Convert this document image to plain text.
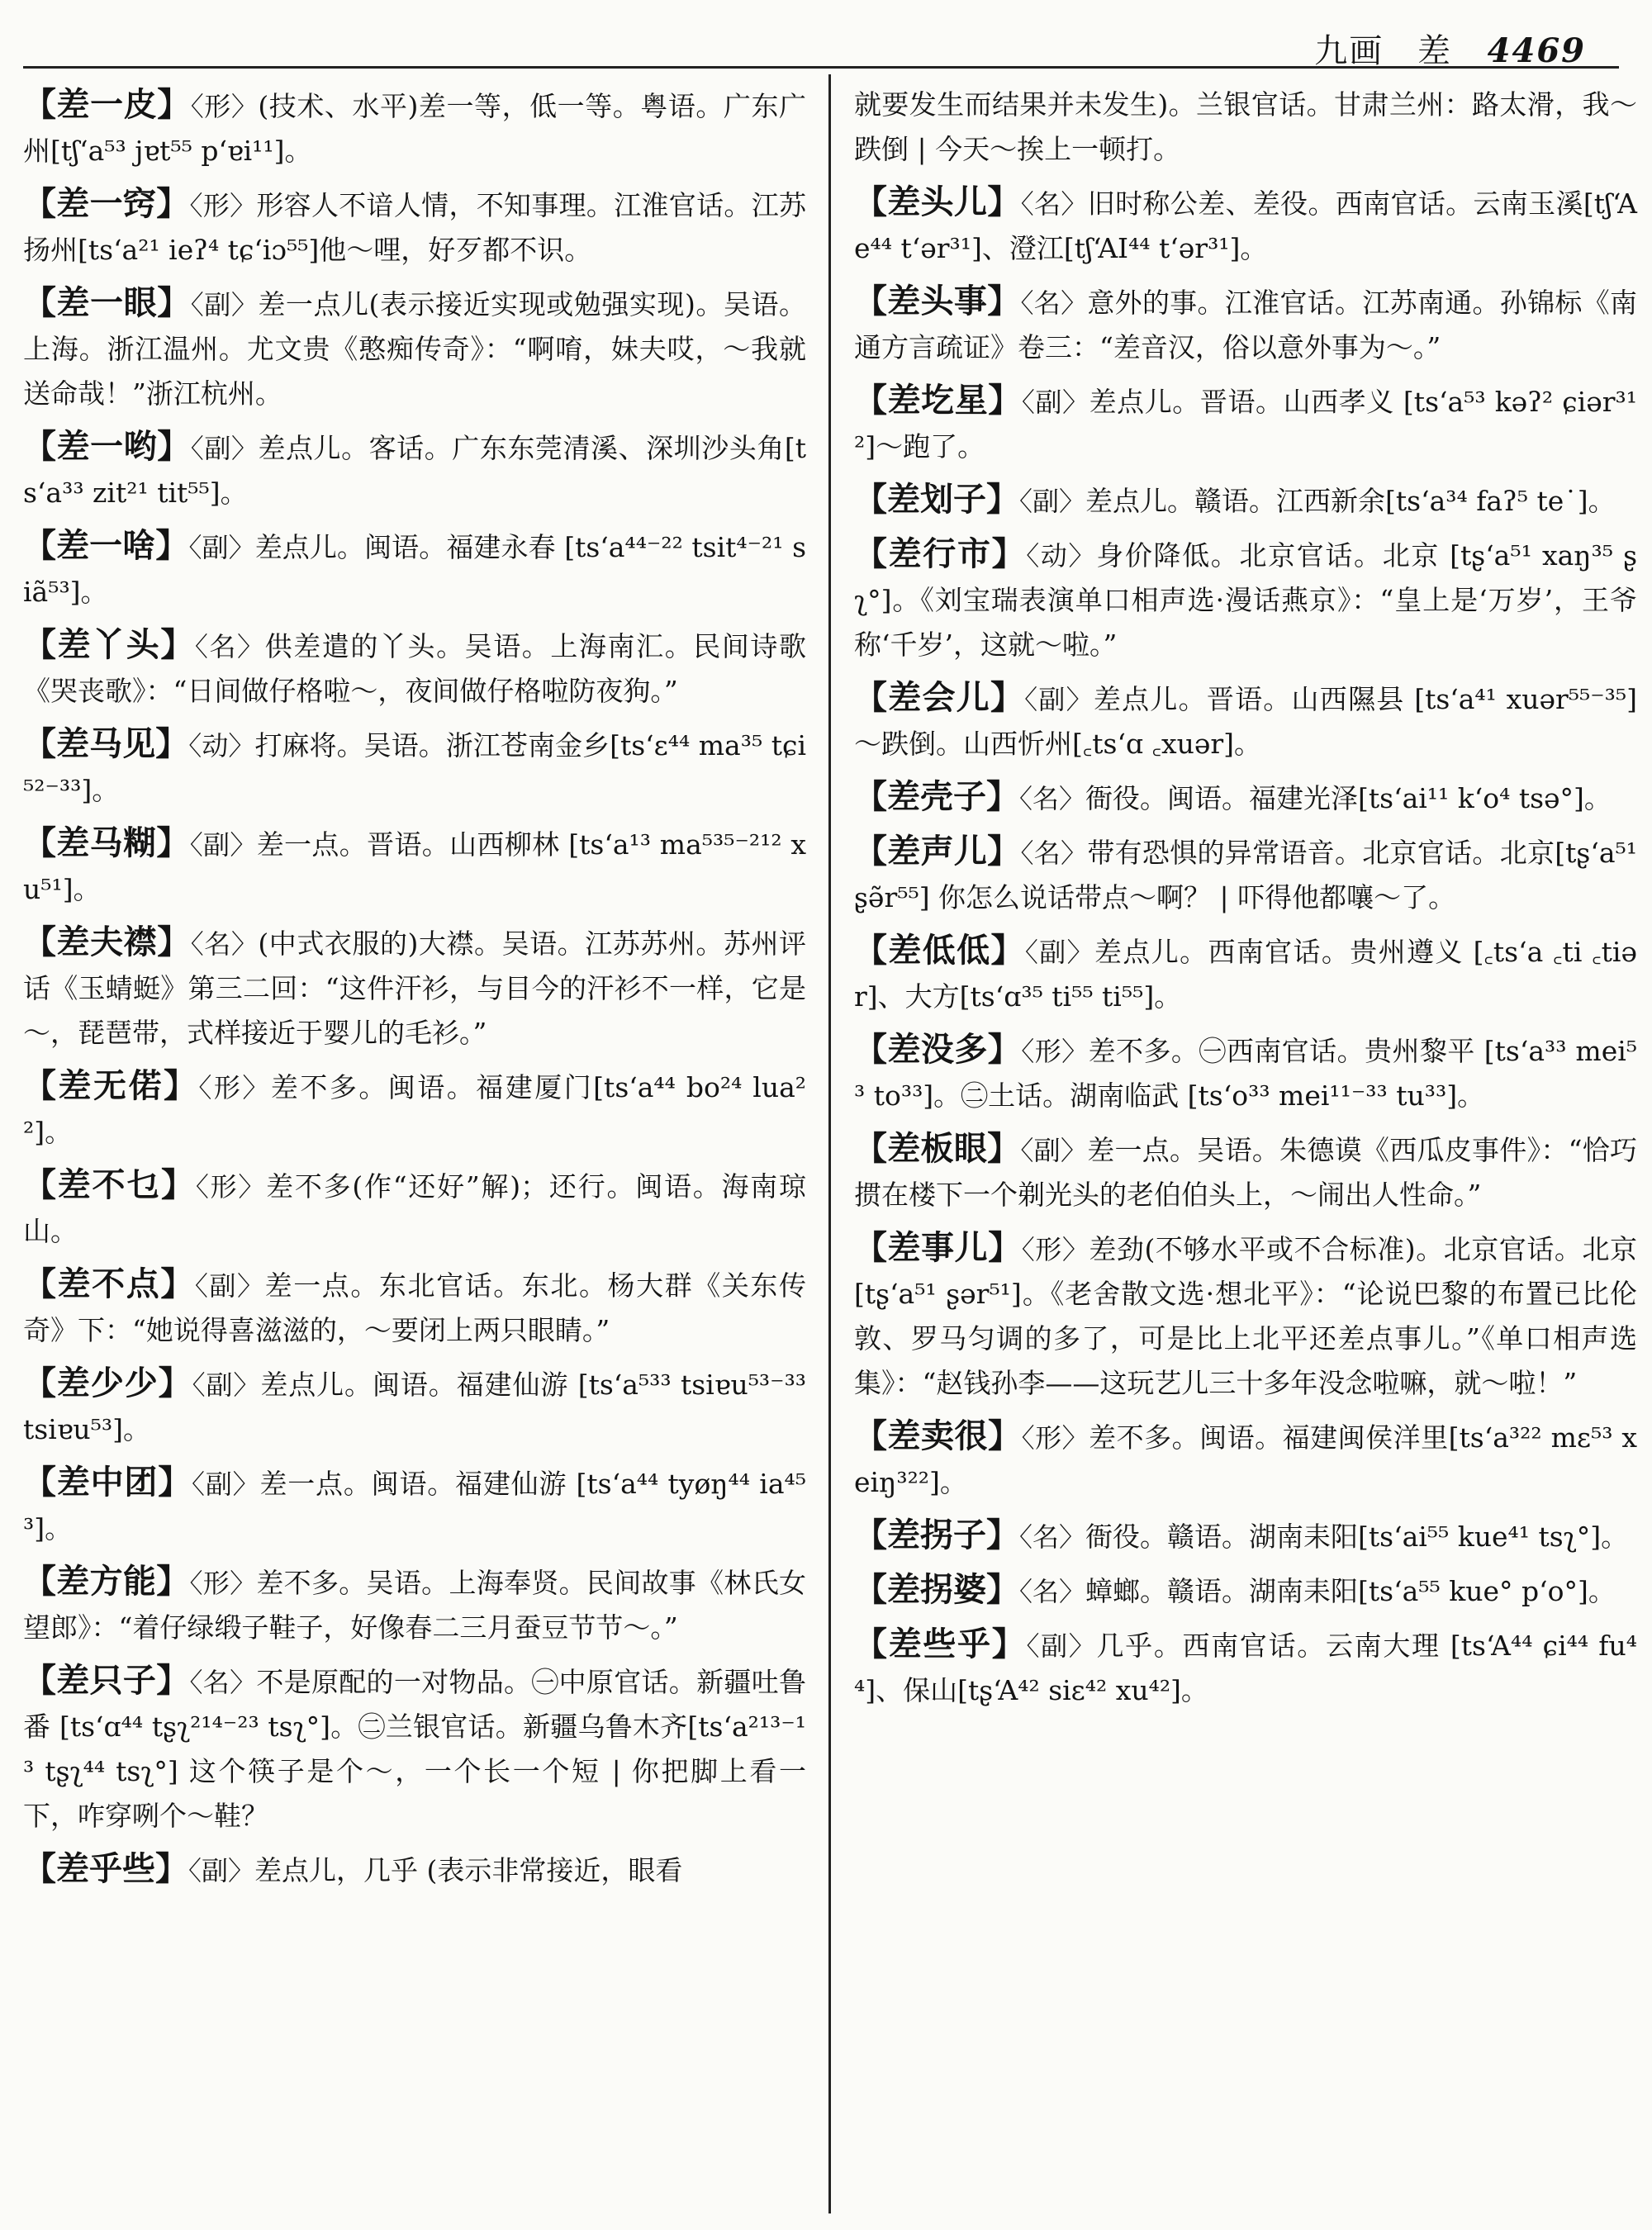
九画 差 4469
【差一皮】〈形〉(技术、水平)差一等，低一等。粤语。广东广州[tʃ‘a⁵³ jɐt⁵⁵ p‘ɐi¹¹]。
【差一窍】〈形〉形容人不谙人情，不知事理。江淮官话。江苏扬州[ts‘a²¹ ieʔ⁴ tɕ‘iɔ⁵⁵]他～哩，好歹都不识。
【差一眼】〈副〉差一点儿(表示接近实现或勉强实现)。吴语。上海。浙江温州。尤文贵《憨痴传奇》：“啊唷，妹夫哎，～我就送命哉！”浙江杭州。
【差一哟】〈副〉差点儿。客话。广东东莞清溪、深圳沙头角[ts‘a³³ zit²¹ tit⁵⁵]。
【差一啥】〈副〉差点儿。闽语。福建永春 [ts‘a⁴⁴⁻²² tsit⁴⁻²¹ siã⁵³]。
【差丫头】〈名〉供差遣的丫头。吴语。上海南汇。民间诗歌《哭丧歌》：“日间做仔格啦～，夜间做仔格啦防夜狗。”
【差马见】〈动〉打麻将。吴语。浙江苍南金乡[ts‘ɛ⁴⁴ ma³⁵ tɕi⁵²⁻³³]。
【差马糊】〈副〉差一点。晋语。山西柳林 [ts‘a¹³ ma⁵³⁵⁻²¹² xu⁵¹]。
【差夫襟】〈名〉(中式衣服的)大襟。吴语。江苏苏州。苏州评话《玉蜻蜓》第三二回：“这件汗衫，与目今的汗衫不一样，它是～，琵琶带，式样接近于婴儿的毛衫。”
【差无偌】〈形〉差不多。闽语。福建厦门[ts‘a⁴⁴ bo²⁴ lua²²]。
【差不乜】〈形〉差不多(作“还好”解)；还行。闽语。海南琼山。
【差不点】〈副〉差一点。东北官话。东北。杨大群《关东传奇》下：“她说得喜滋滋的，～要闭上两只眼睛。”
【差少少】〈副〉差点儿。闽语。福建仙游 [ts‘a⁵³³ tsiɐu⁵³⁻³³ tsiɐu⁵³]。
【差中团】〈副〉差一点。闽语。福建仙游 [ts‘a⁴⁴ tyøŋ⁴⁴ ia⁴⁵³]。
【差方能】〈形〉差不多。吴语。上海奉贤。民间故事《林氏女望郎》：“着仔绿缎子鞋子，好像春二三月蚕豆节节～。”
【差只子】〈名〉不是原配的一对物品。㊀中原官话。新疆吐鲁番 [ts‘ɑ⁴⁴ tʂʅ²¹⁴⁻²³ tsʅ°]。㊁兰银官话。新疆乌鲁木齐[ts‘a²¹³⁻¹³ tʂʅ⁴⁴ tsʅ°] 这个筷子是个～，一个长一个短 | 你把脚上看一下，咋穿咧个～鞋？
【差乎些】〈副〉差点儿，几乎 (表示非常接近，眼看
就要发生而结果并未发生)。兰银官话。甘肃兰州：路太滑，我～跌倒 | 今天～挨上一顿打。
【差头儿】〈名〉旧时称公差、差役。西南官话。云南玉溪[tʃ‘Ae⁴⁴ t‘ər³¹]、澄江[tʃ‘AI⁴⁴ t‘ər³¹]。
【差头事】〈名〉意外的事。江淮官话。江苏南通。孙锦标《南通方言疏证》卷三：“差音汉，俗以意外事为～。”
【差圪星】〈副〉差点儿。晋语。山西孝义 [ts‘a⁵³ kəʔ² ɕiər³¹²]～跑了。
【差划子】〈副〉差点儿。赣语。江西新余[ts‘a³⁴ faʔ⁵ te˙]。
【差行市】〈动〉身价降低。北京官话。北京 [tʂ‘a⁵¹ xaŋ³⁵ ʂʅ°]。《刘宝瑞表演单口相声选·漫话燕京》：“皇上是‘万岁’，王爷称‘千岁’，这就～啦。”
【差会儿】〈副〉差点儿。晋语。山西隰县 [ts‘a⁴¹ xuər⁵⁵⁻³⁵]～跌倒。山西忻州[꜀ts‘ɑ ꜀xuər]。
【差壳子】〈名〉衙役。闽语。福建光泽[ts‘ai¹¹ k‘o⁴ tsə°]。
【差声儿】〈名〉带有恐惧的异常语音。北京官话。北京[tʂ‘a⁵¹ ʂə̃r⁵⁵] 你怎么说话带点～啊？ | 吓得他都嚷～了。
【差低低】〈副〉差点儿。西南官话。贵州遵义 [꜀ts‘a ꜀ti ꜀tiər]、大方[ts‘ɑ³⁵ ti⁵⁵ ti⁵⁵]。
【差没多】〈形〉差不多。㊀西南官话。贵州黎平 [ts‘a³³ mei⁵³ to³³]。㊁土话。湖南临武 [ts‘o³³ mei¹¹⁻³³ tu³³]。
【差板眼】〈副〉差一点。吴语。朱德谟《西瓜皮事件》：“恰巧掼在楼下一个剃光头的老伯伯头上，～闹出人性命。”
【差事儿】〈形〉差劲(不够水平或不合标准)。北京官话。北京[tʂ‘a⁵¹ ʂər⁵¹]。《老舍散文选·想北平》：“论说巴黎的布置已比伦敦、罗马匀调的多了，可是比上北平还差点事儿。”《单口相声选集》：“赵钱孙李——这玩艺儿三十多年没念啦嘛，就～啦！”
【差卖很】〈形〉差不多。闽语。福建闽侯洋里[ts‘a³²² mɛ⁵³ xeiŋ³²²]。
【差拐子】〈名〉衙役。赣语。湖南耒阳[ts‘ai⁵⁵ kue⁴¹ tsʅ°]。
【差拐婆】〈名〉蟑螂。赣语。湖南耒阳[ts‘a⁵⁵ kue° p‘o°]。
【差些乎】〈副〉几乎。西南官话。云南大理 [ts‘A⁴⁴ ɕi⁴⁴ fu⁴⁴]、保山[tʂ‘A⁴² siɛ⁴² xu⁴²]。
